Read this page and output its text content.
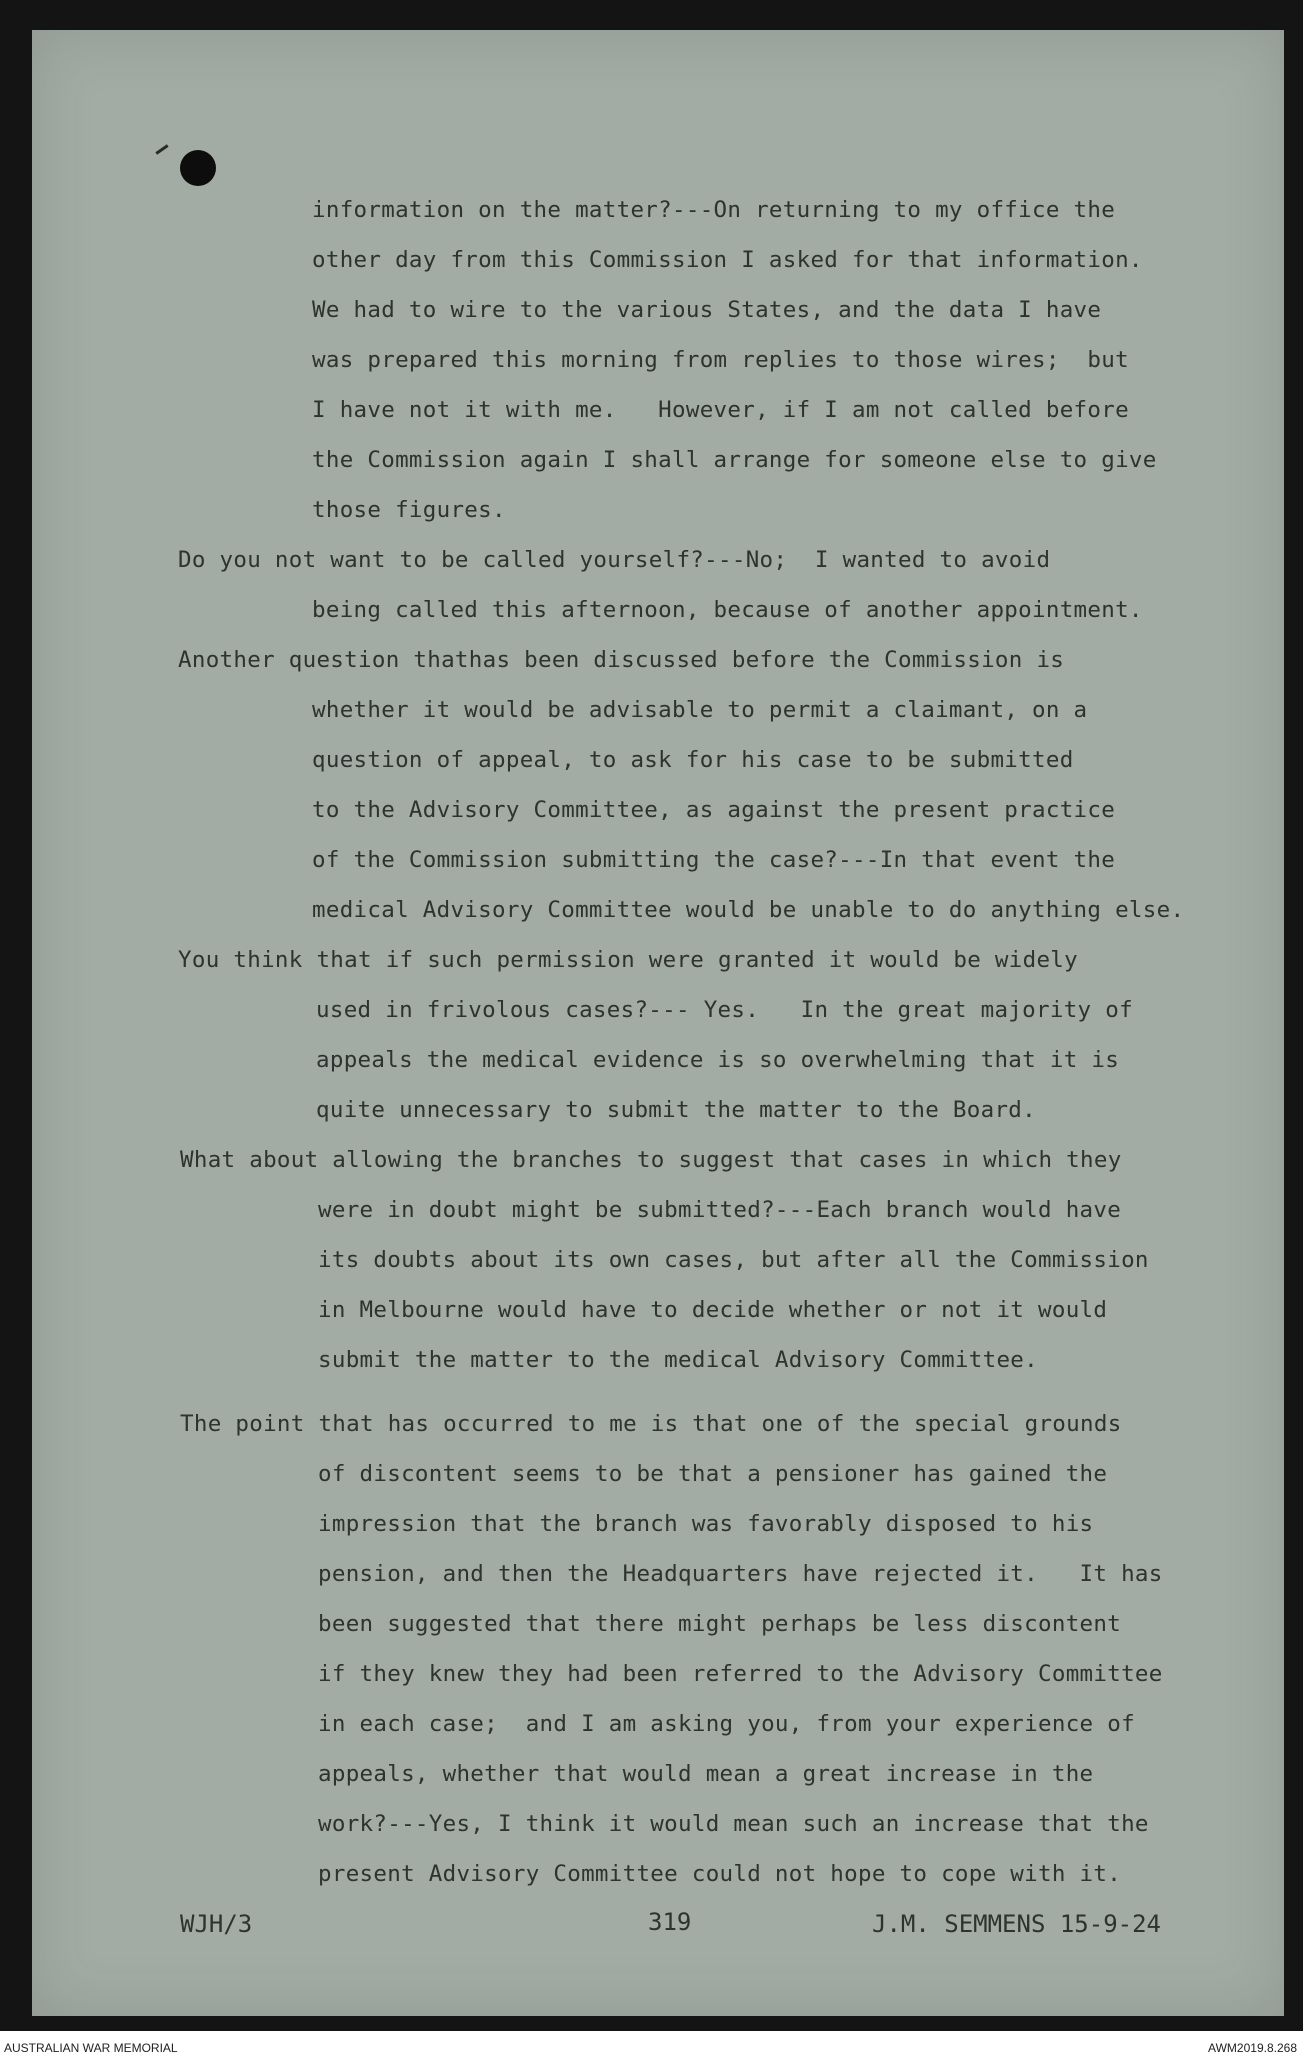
information on the matter?---On returning to my office the
other day from this Commission I asked for that information.
We had to wire to the various States, and the data I have
was prepared this morning from replies to those wires;  but
I have not it with me.   However, if I am not called before
the Commission again I shall arrange for someone else to give
those figures.
Do you not want to be called yourself?---No;  I wanted to avoid
being called this afternoon, because of another appointment.
Another question thathas been discussed before the Commission is
whether it would be advisable to permit a claimant, on a
question of appeal, to ask for his case to be submitted
to the Advisory Committee, as against the present practice
of the Commission submitting the case?---In that event the
medical Advisory Committee would be unable to do anything else.
You think that if such permission were granted it would be widely
used in frivolous cases?--- Yes.   In the great majority of
appeals the medical evidence is so overwhelming that it is
quite unnecessary to submit the matter to the Board.
What about allowing the branches to suggest that cases in which they
were in doubt might be submitted?---Each branch would have
its doubts about its own cases, but after all the Commission
in Melbourne would have to decide whether or not it would
submit the matter to the medical Advisory Committee.
The point that has occurred to me is that one of the special grounds
of discontent seems to be that a pensioner has gained the
impression that the branch was favorably disposed to his
pension, and then the Headquarters have rejected it.   It has
been suggested that there might perhaps be less discontent
if they knew they had been referred to the Advisory Committee
in each case;  and I am asking you, from your experience of
appeals, whether that would mean a great increase in the
work?---Yes, I think it would mean such an increase that the
present Advisory Committee could not hope to cope with it.
WJH/3	319	J.M. SEMMENS 15-9-24
AUSTRALIAN WAR MEMORIAL	AWM2019.8.268
